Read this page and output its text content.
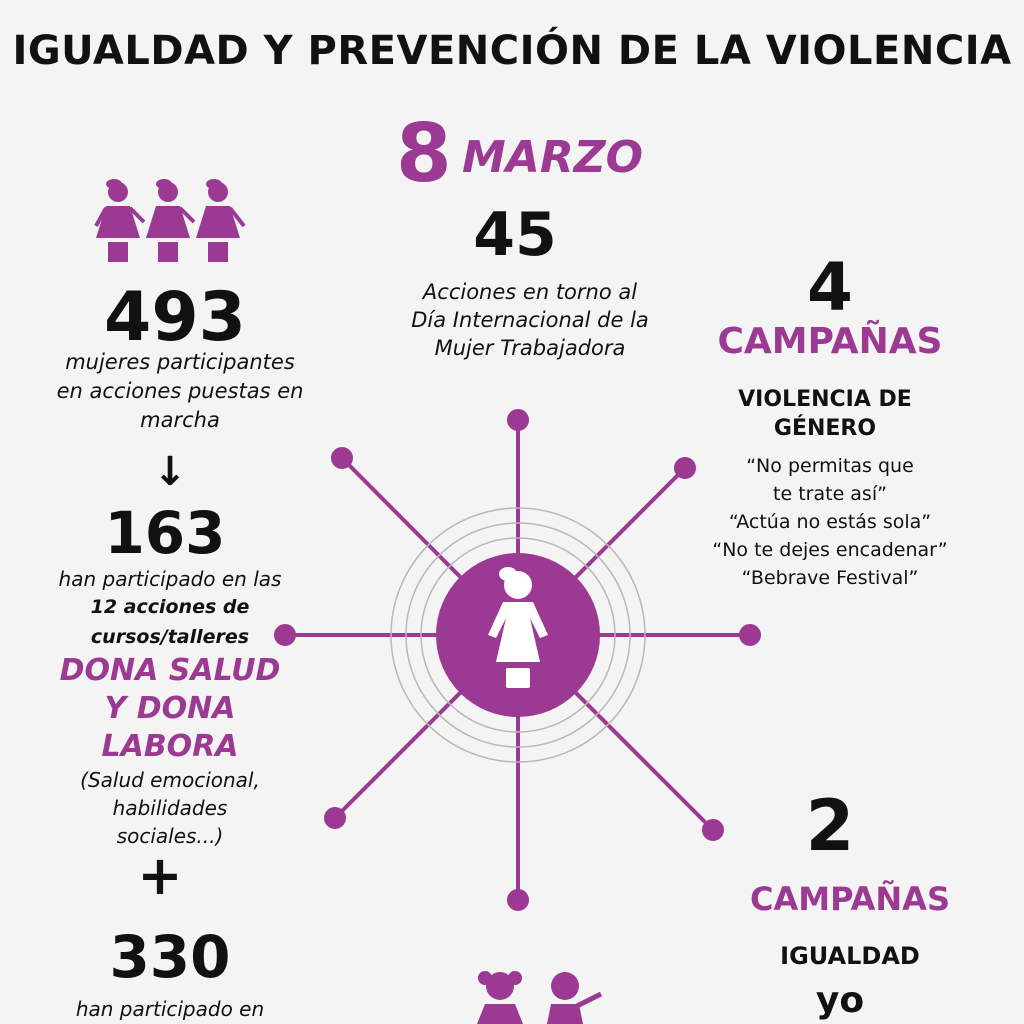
IGUALDAD Y PREVENCIÓN DE LA VIOLENCIA
8 MARZO
45
Acciones en torno al
Día Internacional de la
Mujer Trabajadora
493
mujeres participantes
en acciones puestas en
marcha
↓
163
han participado en las
12 acciones de
cursos/talleres
DONA SALUD
Y DONA
LABORA
(Salud emocional,
habilidades
sociales...)
+
330
han participado en
4
CAMPAÑAS
VIOLENCIA DE
GÉNERO
“No permitas que
te trate así”
“Actúa no estás sola”
“No te dejes encadenar”
“Bebrave Festival”
2
CAMPAÑAS
IGUALDAD
yo
